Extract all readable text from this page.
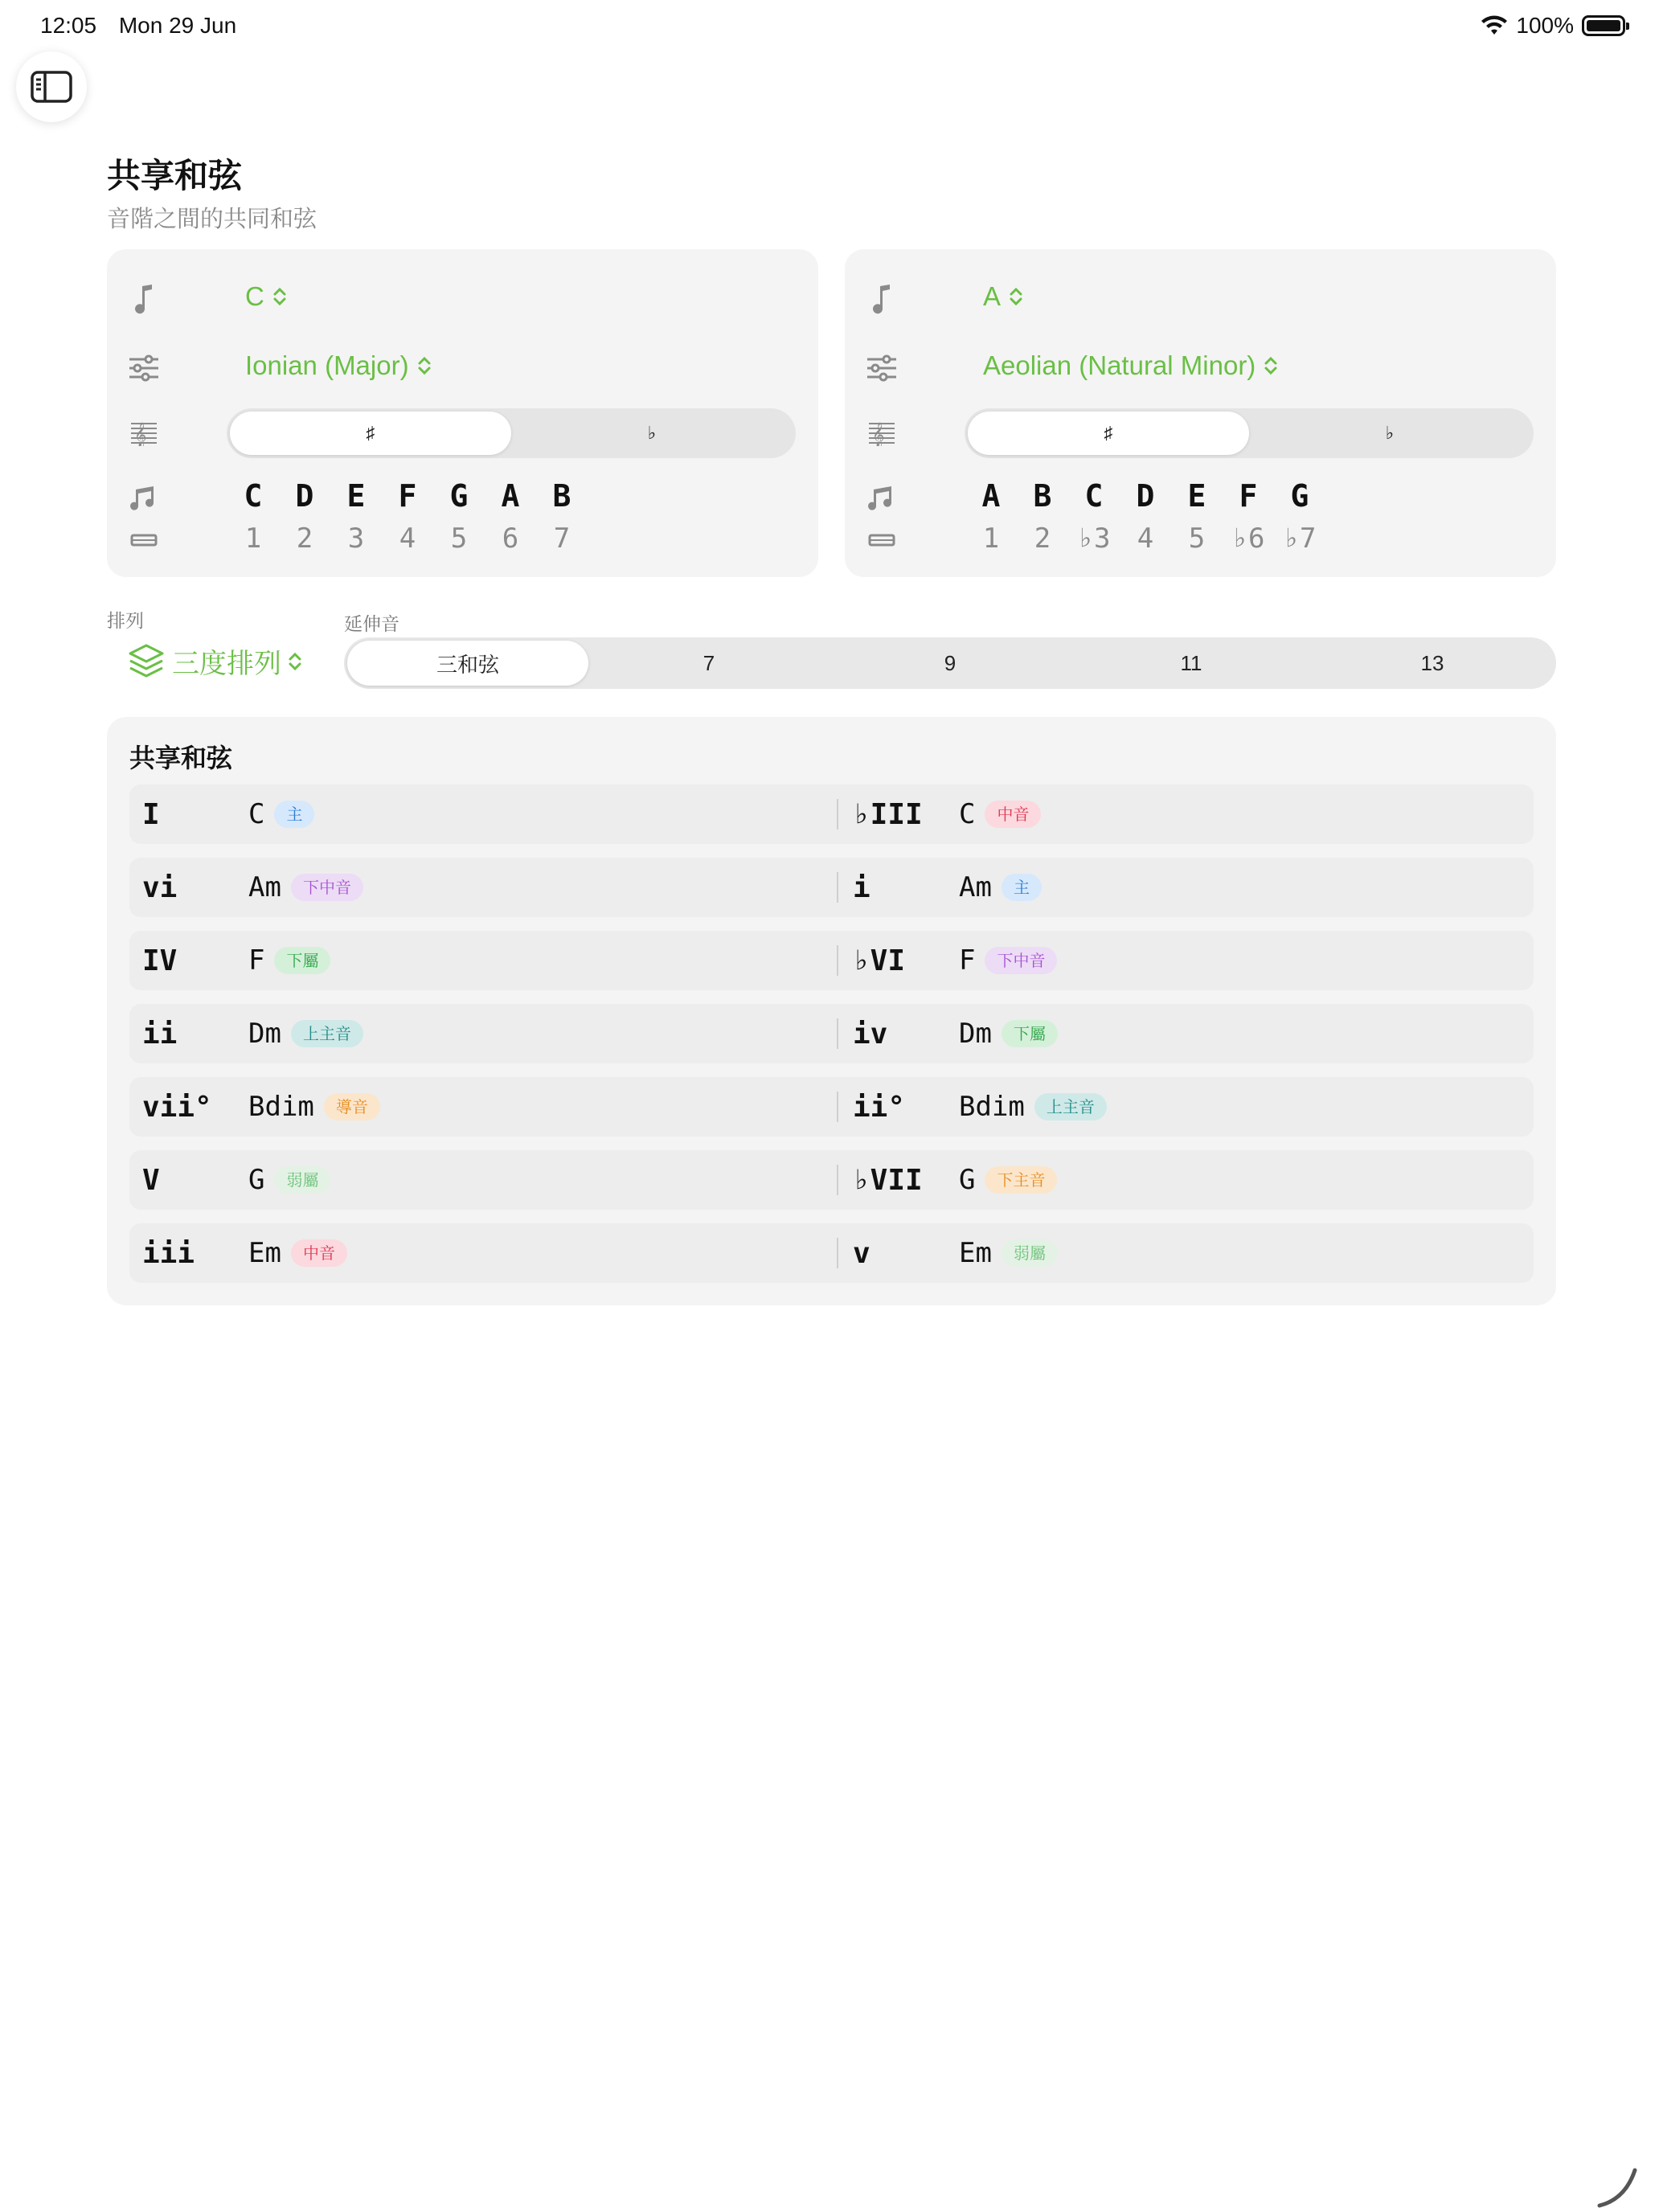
12:05 Mon 29 Jun	100%
共享和弦
音階之間的共同和弦
C
Ionian (Major)
𝄞	♯	♭
C	D	E	F	G	A	B
1	2	3	4	5	6	7
A
Aeolian (Natural Minor)
𝄞	♯	♭
A	B	C	D	E	F	G
1	2 ♭3 4	5 ♭6 ♭7
排列
三度排列
延伸音
三和弦	7	9	11	13
共享和弦
I	C	主	♭III C	中音
vi	Am	下中音	i	Am	主
IV	F	下屬	♭VI F	下中音
ii	Dm	上主音	iv	Dm	下屬
vii° Bdim	導音	ii° Bdim	上主音
V	G	弱屬	♭VII G	下主音
iii Em	中音	v	Em	弱屬
